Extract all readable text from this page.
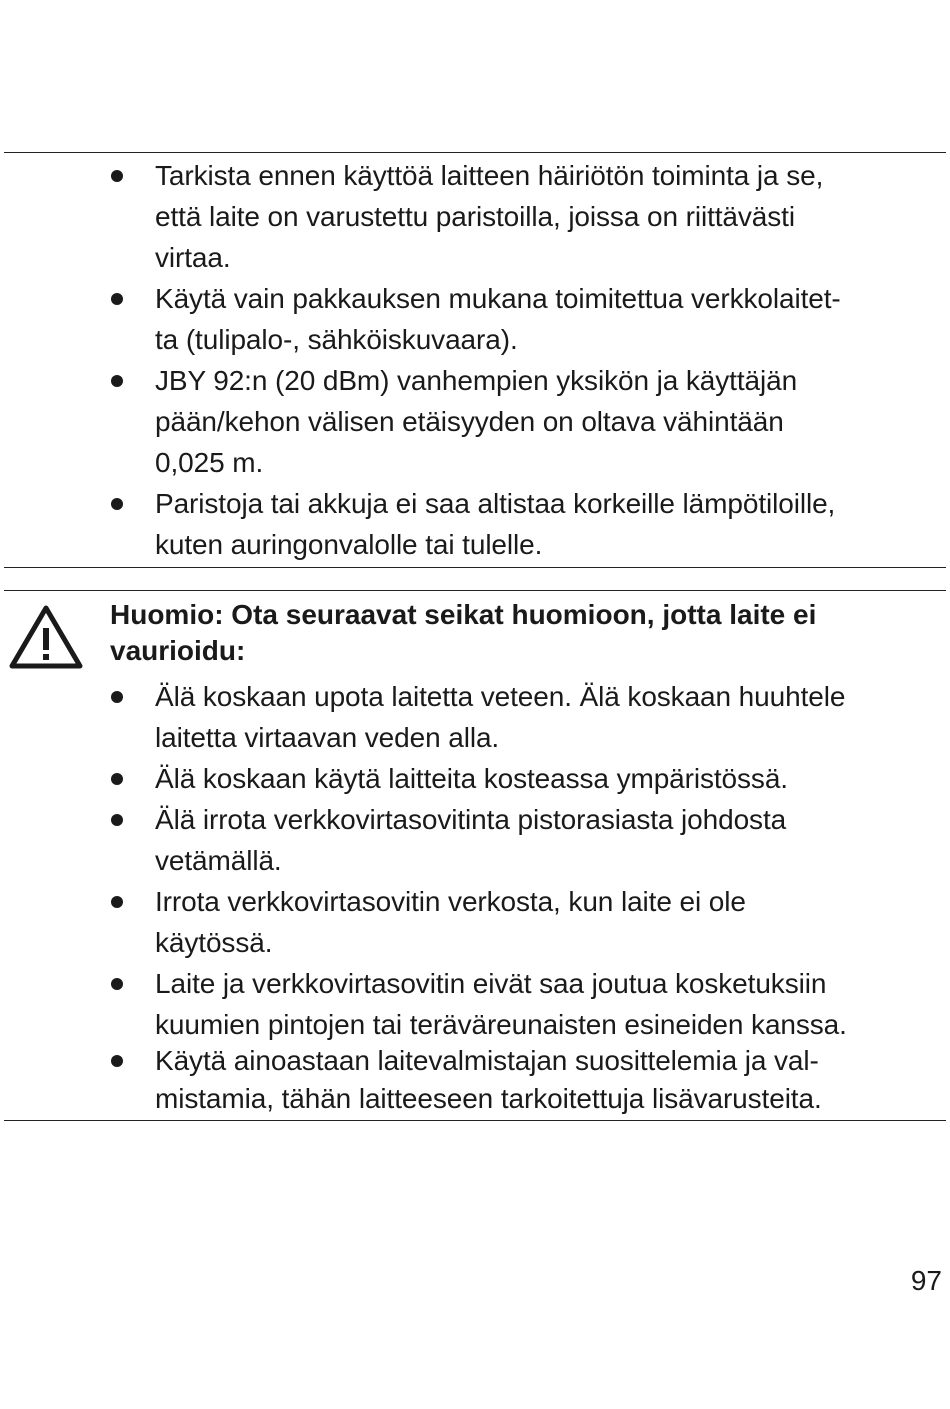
Tarkista ennen käyttöä laitteen häiriötön toiminta ja se,
että laite on varustettu paristoilla, joissa on riittävästi
virtaa.
Käytä vain pakkauksen mukana toimitettua verkkolaitet-
ta (tulipalo-, sähköiskuvaara).
JBY 92:n (20 dBm) vanhempien yksikön ja käyttäjän
pään/kehon välisen etäisyyden on oltava vähintään
0,025 m.
Paristoja tai akkuja ei saa altistaa korkeille lämpötiloille,
kuten auringonvalolle tai tulelle.
Huomio: Ota seuraavat seikat huomioon, jotta laite ei
vaurioidu:
Älä koskaan upota laitetta veteen. Älä koskaan huuhtele
laitetta virtaavan veden alla.
Älä koskaan käytä laitteita kosteassa ympäristössä.
Älä irrota verkkovirtasovitinta pistorasiasta johdosta
vetämällä.
Irrota verkkovirtasovitin verkosta, kun laite ei ole
käytössä.
Laite ja verkkovirtasovitin eivät saa joutua kosketuksiin
kuumien pintojen tai teräväreunaisten esineiden kanssa.
Käytä ainoastaan laitevalmistajan suosittelemia ja val-
mistamia, tähän laitteeseen tarkoitettuja lisävarusteita.
97
